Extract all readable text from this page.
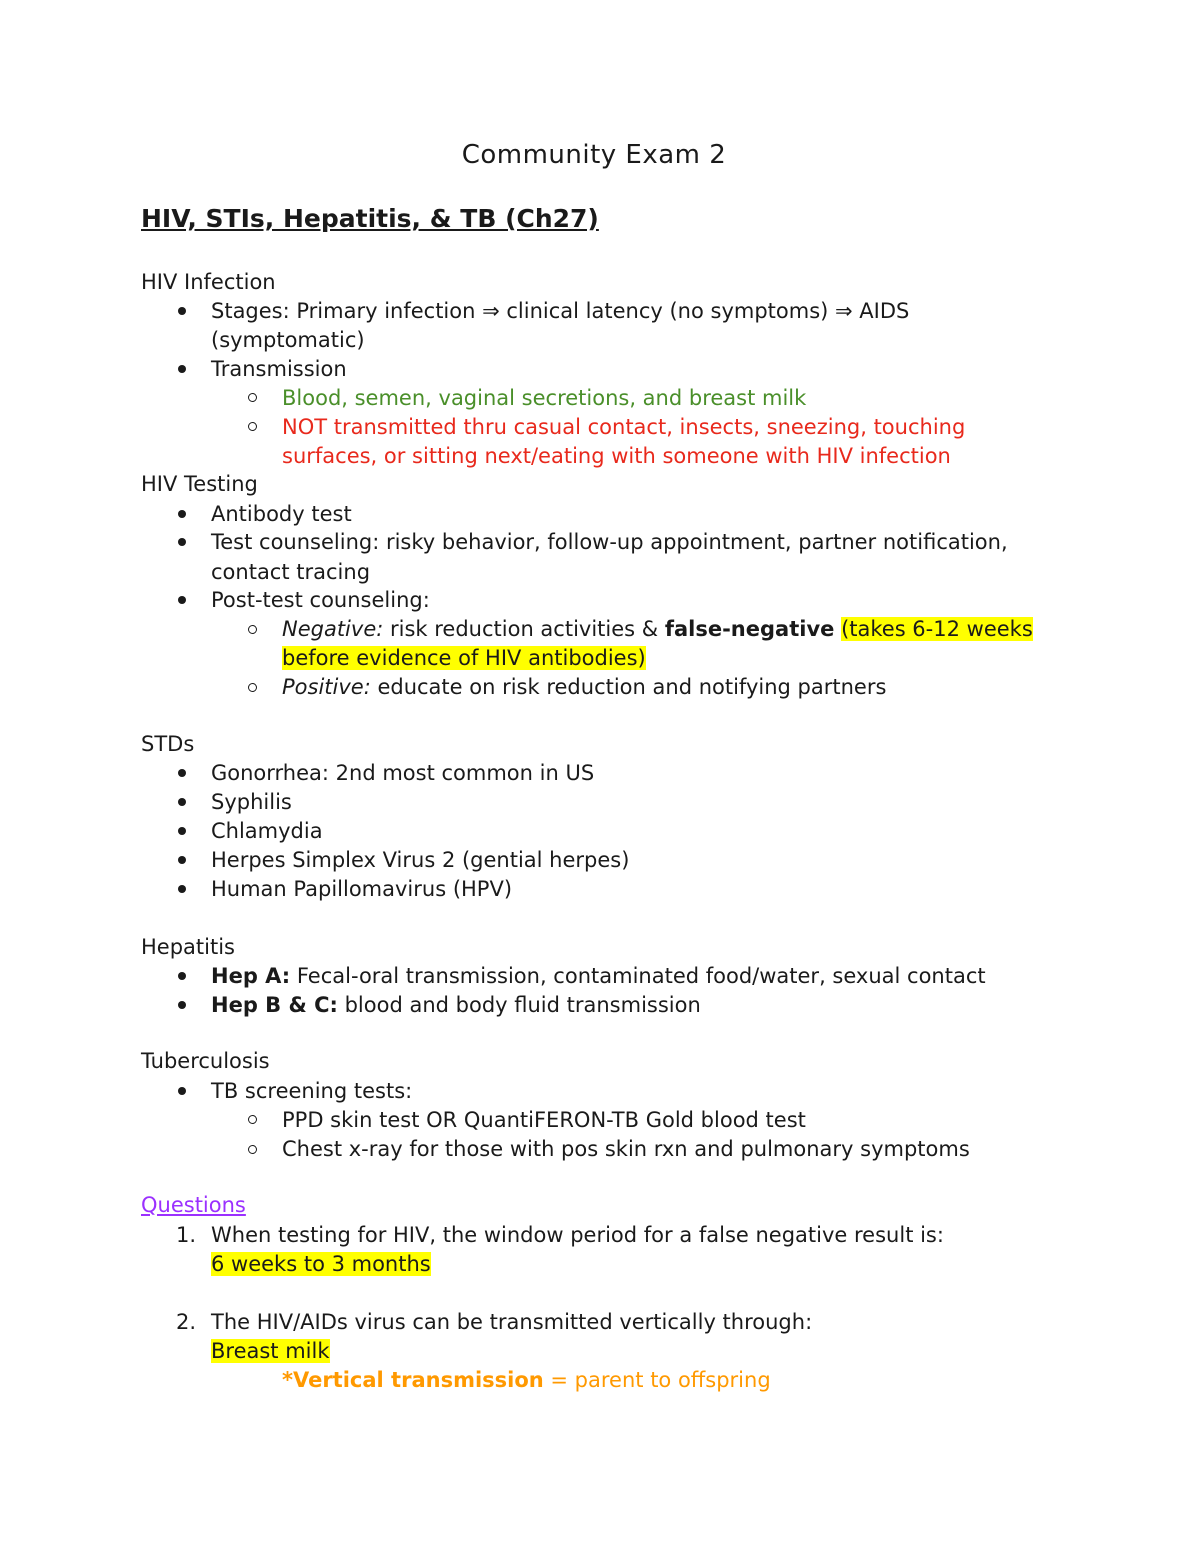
Community Exam 2
HIV, STIs, Hepatitis, & TB (Ch27)
HIV Infection
Stages: Primary infection ⇒ clinical latency (no symptoms) ⇒ AIDS
(symptomatic)
Transmission
Blood, semen, vaginal secretions, and breast milk
NOT transmitted thru casual contact, insects, sneezing, touching
surfaces, or sitting next/eating with someone with HIV infection
HIV Testing
Antibody test
Test counseling: risky behavior, follow-up appointment, partner notification,
contact tracing
Post-test counseling:
Negative: risk reduction activities & false-negative (takes 6-12 weeks
before evidence of HIV antibodies)
Positive: educate on risk reduction and notifying partners
STDs
Gonorrhea: 2nd most common in US
Syphilis
Chlamydia
Herpes Simplex Virus 2 (gential herpes)
Human Papillomavirus (HPV)
Hepatitis
Hep A: Fecal-oral transmission, contaminated food/water, sexual contact
Hep B & C: blood and body fluid transmission
Tuberculosis
TB screening tests:
PPD skin test OR QuantiFERON-TB Gold blood test
Chest x-ray for those with pos skin rxn and pulmonary symptoms
Questions
1. When testing for HIV, the window period for a false negative result is:
6 weeks to 3 months
2. The HIV/AIDs virus can be transmitted vertically through:
Breast milk
*Vertical transmission = parent to offspring
